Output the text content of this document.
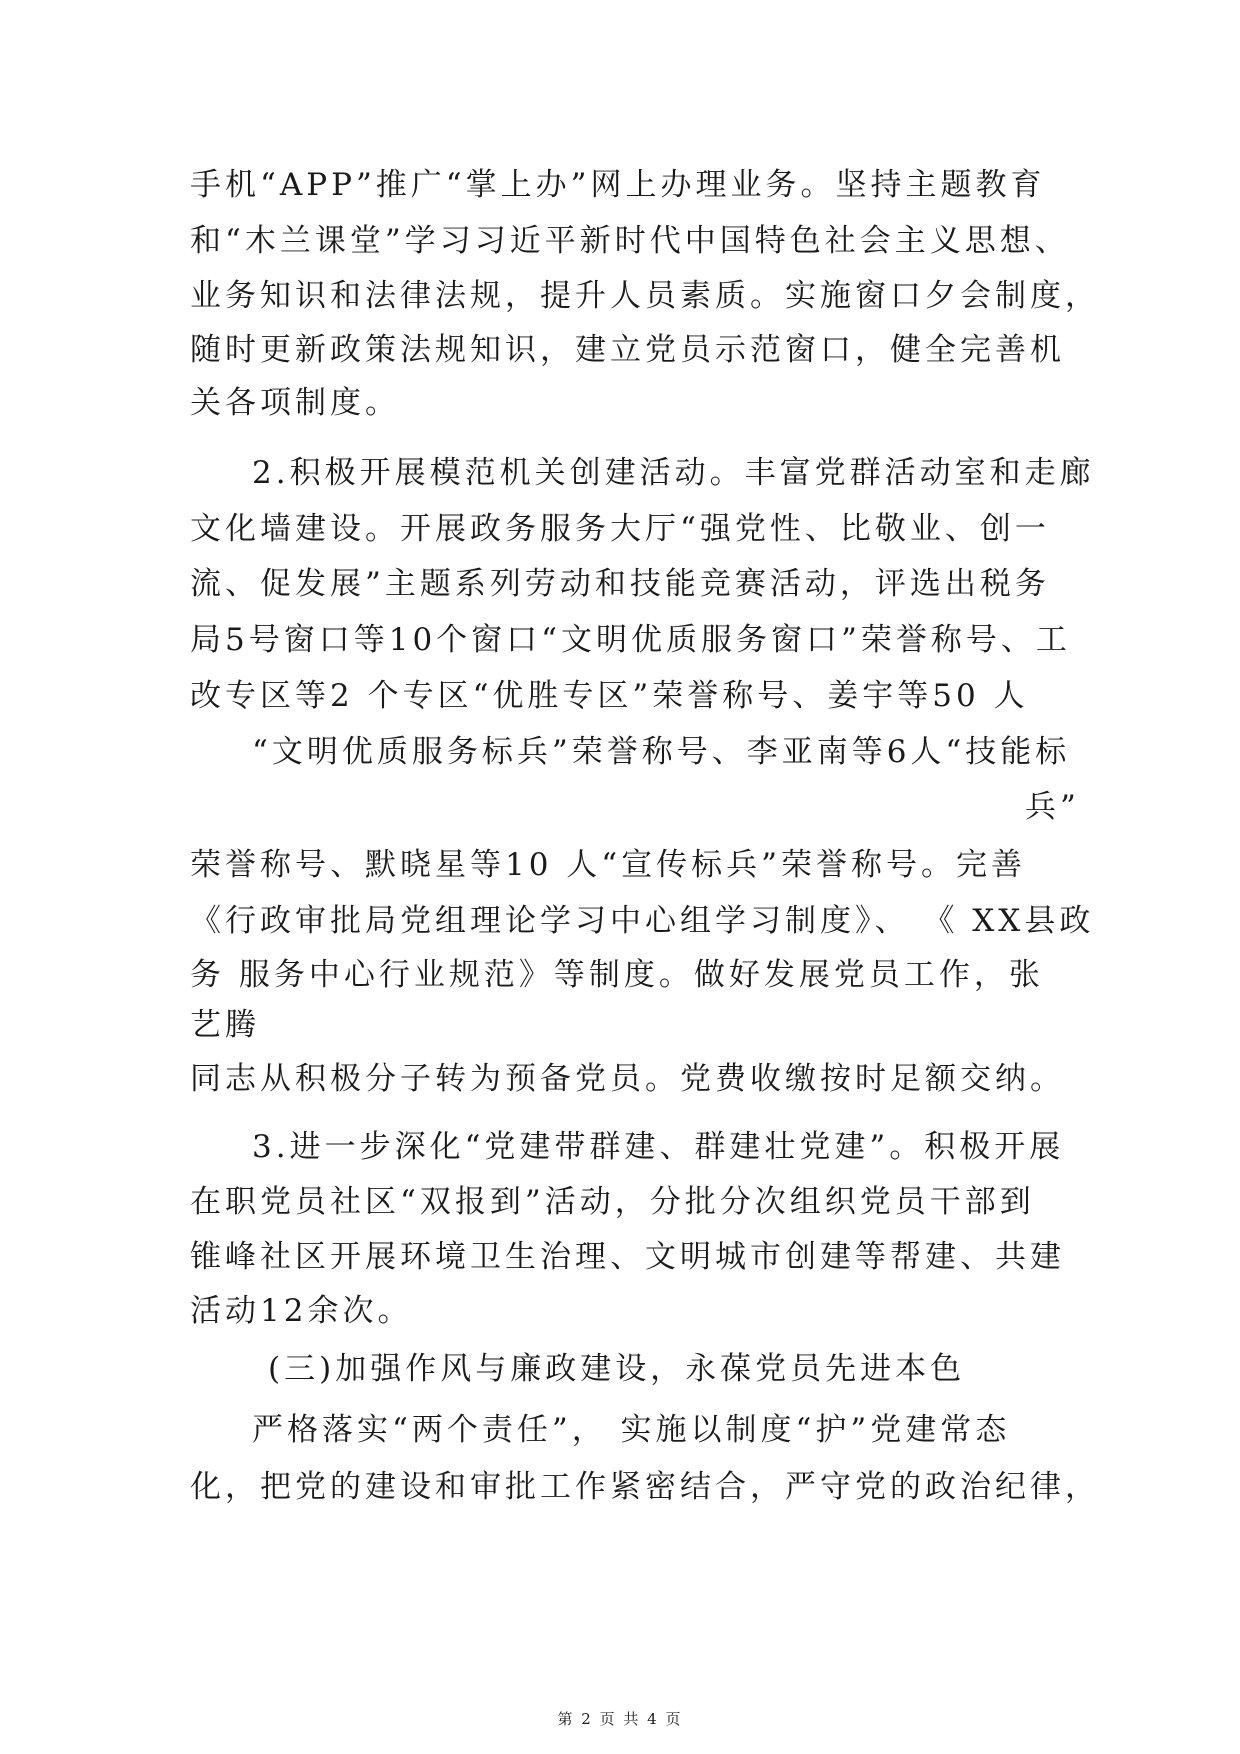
手机“APP”推广“掌上办”网上办理业务。坚持主题教育
和“木兰课堂”学习习近平新时代中国特色社会主义思想、
业务知识和法律法规，提升人员素质。实施窗口夕会制度，
随时更新政策法规知识，建立党员示范窗口，健全完善机
关各项制度。
2.积极开展模范机关创建活动。丰富党群活动室和走廊
文化墙建设。开展政务服务大厅“强党性、比敬业、创一
流、促发展”主题系列劳动和技能竞赛活动，评选出税务
局5号窗口等10个窗口“文明优质服务窗口”荣誉称号、工
改专区等2 个专区“优胜专区”荣誉称号、姜宇等50 人
“文明优质服务标兵”荣誉称号、李亚南等6人“技能标
兵”
荣誉称号、默晓星等10 人“宣传标兵”荣誉称号。完善
《行政审批局党组理论学习中心组学习制度》、 《 XX县政
务 服务中心行业规范》等制度。做好发展党员工作，张
艺腾
同志从积极分子转为预备党员。党费收缴按时足额交纳。
3.进一步深化“党建带群建、群建壮党建”。积极开展
在职党员社区“双报到”活动，分批分次组织党员干部到
锥峰社区开展环境卫生治理、文明城市创建等帮建、共建
活动12余次。
(三)加强作风与廉政建设，永葆党员先进本色
严格落实“两个责任”， 实施以制度“护”党建常态
化，把党的建设和审批工作紧密结合，严守党的政治纪律，
第 2 页 共 4 页
